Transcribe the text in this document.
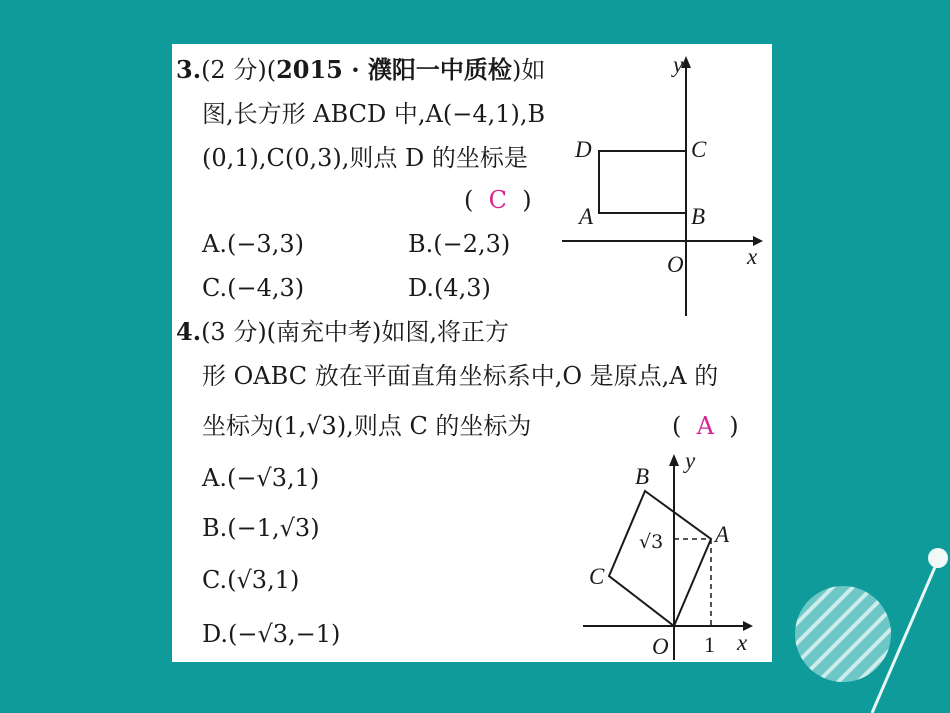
3.(2 分)(2015 · 濮阳一中质检)如
图,长方形 ABCD 中,A(−4,1),B
(0,1),C(0,3),则点 D 的坐标是
( C )
A.(−3,3)	B.(−2,3)
C.(−4,3)	D.(4,3)
y
x
O
D	C
A	B
4.(3 分)(南充中考)如图,将正方
形 OABC 放在平面直角坐标系中,O 是原点,A 的
坐标为(1,√3),则点 C 的坐标为	( A )
A.(−√3,1)
B.(−1,√3)
C.(√3,1)
D.(−√3,−1)
y
x
O
B
A
C
1
√3
